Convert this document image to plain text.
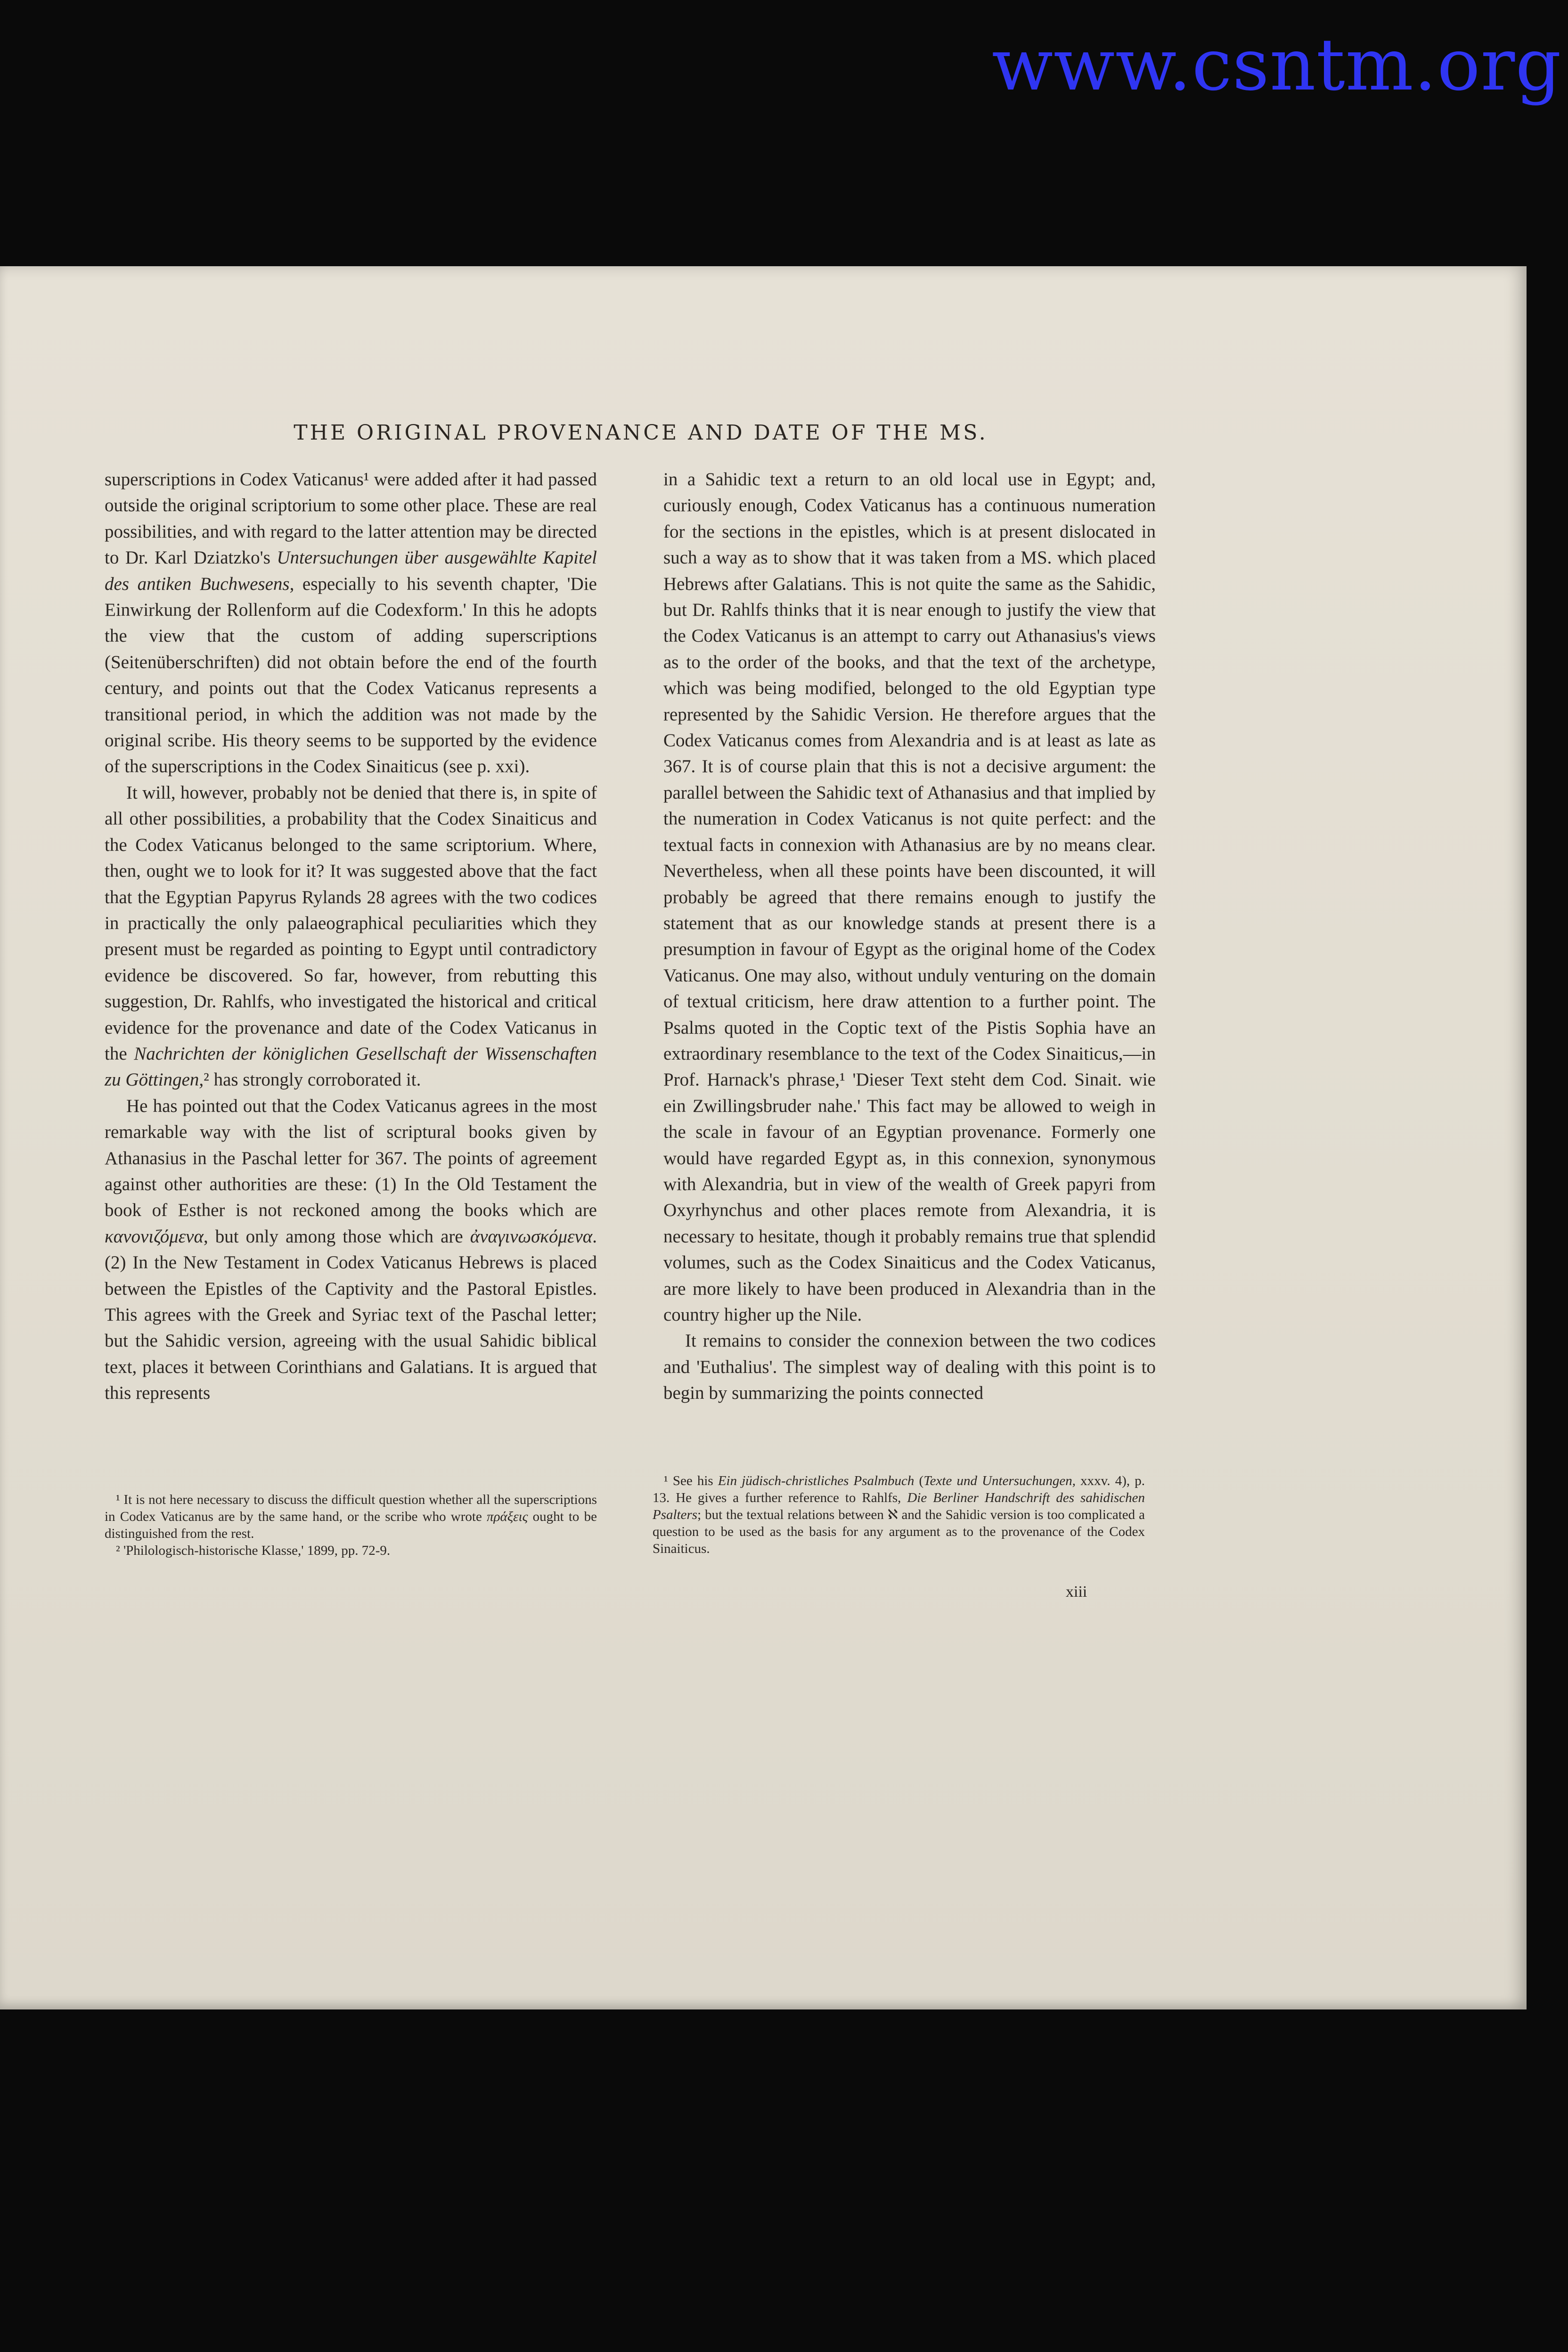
www.csntm.org
THE ORIGINAL PROVENANCE AND DATE OF THE MS.

superscriptions in Codex Vaticanus¹ were added after it had passed outside the original scriptorium to some other place. These are real possibilities, and with regard to the latter attention may be directed to Dr. Karl Dziatzko's Untersuchungen über ausgewählte Kapitel des antiken Buchwesens, especially to his seventh chapter, 'Die Einwirkung der Rollenform auf die Codexform.' In this he adopts the view that the custom of adding superscriptions (Seitenüberschriften) did not obtain before the end of the fourth century, and points out that the Codex Vaticanus represents a transitional period, in which the addition was not made by the original scribe. His theory seems to be supported by the evidence of the superscriptions in the Codex Sinaiticus (see p. xxi).

It will, however, probably not be denied that there is, in spite of all other possibilities, a probability that the Codex Sinaiticus and the Codex Vaticanus belonged to the same scriptorium. Where, then, ought we to look for it? It was suggested above that the fact that the Egyptian Papyrus Rylands 28 agrees with the two codices in practically the only palaeographical peculiarities which they present must be regarded as pointing to Egypt until contradictory evidence be discovered. So far, however, from rebutting this suggestion, Dr. Rahlfs, who investigated the historical and critical evidence for the provenance and date of the Codex Vaticanus in the Nachrichten der königlichen Gesellschaft der Wissenschaften zu Göttingen,² has strongly corroborated it.

He has pointed out that the Codex Vaticanus agrees in the most remarkable way with the list of scriptural books given by Athanasius in the Paschal letter for 367. The points of agreement against other authorities are these: (1) In the Old Testament the book of Esther is not reckoned among the books which are κανονιζόμενα, but only among those which are ἀναγινωσκόμενα. (2) In the New Testament in Codex Vaticanus Hebrews is placed between the Epistles of the Captivity and the Pastoral Epistles. This agrees with the Greek and Syriac text of the Paschal letter; but the Sahidic version, agreeing with the usual Sahidic biblical text, places it between Corinthians and Galatians. It is argued that this represents

¹ It is not here necessary to discuss the difficult question whether all the superscriptions in Codex Vaticanus are by the same hand, or the scribe who wrote πράξεις ought to be distinguished from the rest.

² 'Philologisch-historische Klasse,' 1899, pp. 72-9.

in a Sahidic text a return to an old local use in Egypt; and, curiously enough, Codex Vaticanus has a continuous numeration for the sections in the epistles, which is at present dislocated in such a way as to show that it was taken from a MS. which placed Hebrews after Galatians. This is not quite the same as the Sahidic, but Dr. Rahlfs thinks that it is near enough to justify the view that the Codex Vaticanus is an attempt to carry out Athanasius's views as to the order of the books, and that the text of the archetype, which was being modified, belonged to the old Egyptian type represented by the Sahidic Version. He therefore argues that the Codex Vaticanus comes from Alexandria and is at least as late as 367. It is of course plain that this is not a decisive argument: the parallel between the Sahidic text of Athanasius and that implied by the numeration in Codex Vaticanus is not quite perfect: and the textual facts in connexion with Athanasius are by no means clear. Nevertheless, when all these points have been discounted, it will probably be agreed that there remains enough to justify the statement that as our knowledge stands at present there is a presumption in favour of Egypt as the original home of the Codex Vaticanus. One may also, without unduly venturing on the domain of textual criticism, here draw attention to a further point. The Psalms quoted in the Coptic text of the Pistis Sophia have an extraordinary resemblance to the text of the Codex Sinaiticus,—in Prof. Harnack's phrase,¹ 'Dieser Text steht dem Cod. Sinait. wie ein Zwillingsbruder nahe.' This fact may be allowed to weigh in the scale in favour of an Egyptian provenance. Formerly one would have regarded Egypt as, in this connexion, synonymous with Alexandria, but in view of the wealth of Greek papyri from Oxyrhynchus and other places remote from Alexandria, it is necessary to hesitate, though it probably remains true that splendid volumes, such as the Codex Sinaiticus and the Codex Vaticanus, are more likely to have been produced in Alexandria than in the country higher up the Nile.

It remains to consider the connexion between the two codices and 'Euthalius'. The simplest way of dealing with this point is to begin by summarizing the points connected

¹ See his Ein jüdisch-christliches Psalmbuch (Texte und Untersuchungen, xxxv. 4), p. 13. He gives a further reference to Rahlfs, Die Berliner Handschrift des sahidischen Psalters; but the textual relations between ℵ and the Sahidic version is too complicated a question to be used as the basis for any argument as to the provenance of the Codex Sinaiticus.

xiii
